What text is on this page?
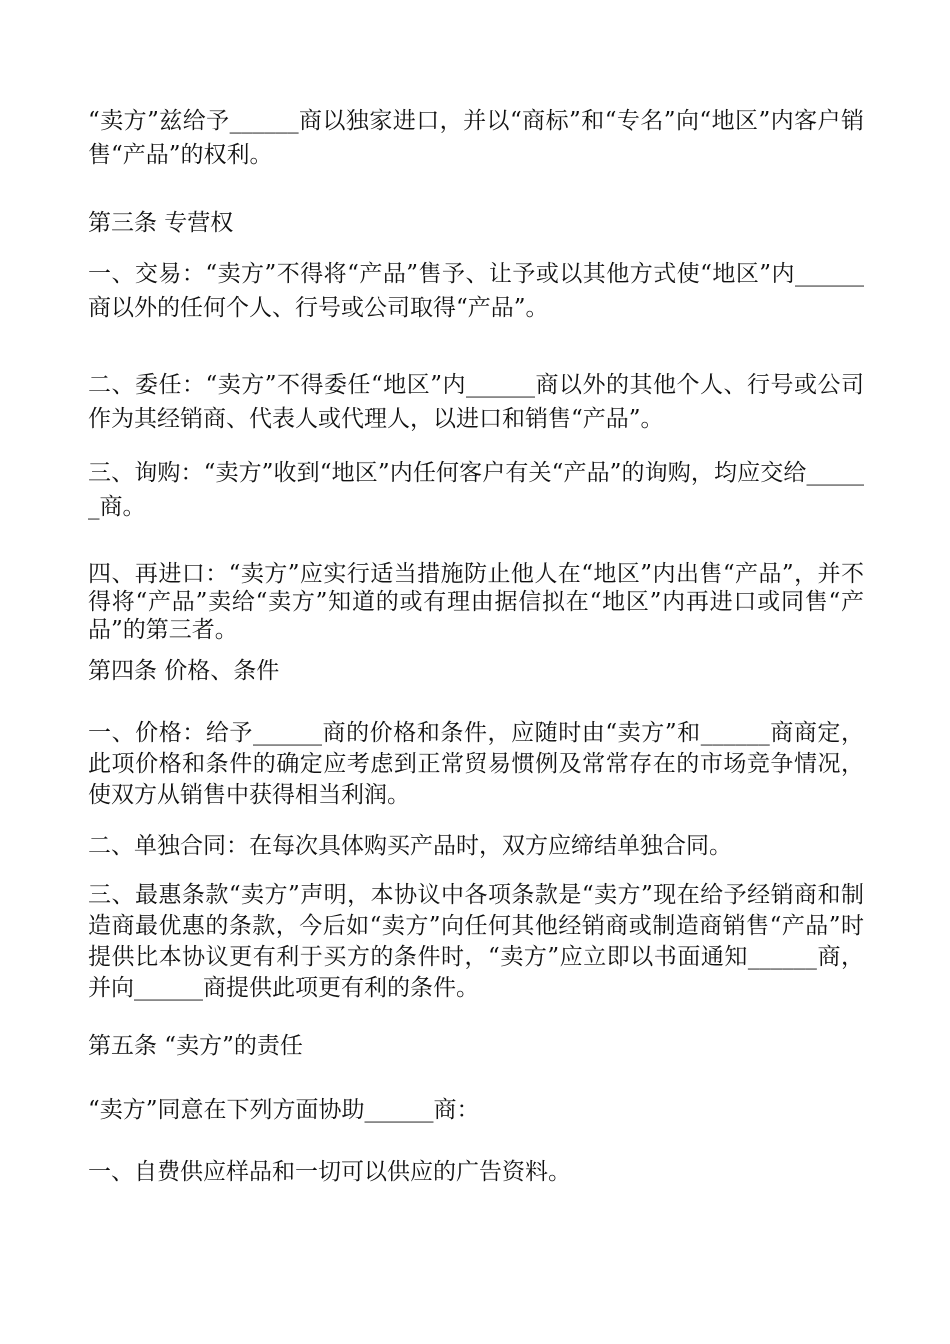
“卖方”兹给予______商以独家进口，并以“商标”和“专名”向“地区”内客户销售“产品”的权利。

第三条 专营权

一、交易：“卖方”不得将“产品”售予、让予或以其他方式使“地区”内______商以外的任何个人、行号或公司取得“产品”。

二、委任：“卖方”不得委任“地区”内______商以外的其他个人、行号或公司作为其经销商、代表人或代理人，以进口和销售“产品”。

三、询购：“卖方”收到“地区”内任何客户有关“产品”的询购，均应交给______商。

四、再进口：“卖方”应实行适当措施防止他人在“地区”内出售“产品”，并不得将“产品”卖给“卖方”知道的或有理由据信拟在“地区”内再进口或同售“产品”的第三者。

第四条 价格、条件

一、价格：给予______商的价格和条件，应随时由“卖方”和______商商定，此项价格和条件的确定应考虑到正常贸易惯例及常常存在的市场竞争情况，使双方从销售中获得相当利润。

二、单独合同：在每次具体购买产品时，双方应缔结单独合同。

三、最惠条款“卖方”声明，本协议中各项条款是“卖方”现在给予经销商和制造商最优惠的条款，今后如“卖方”向任何其他经销商或制造商销售“产品”时提供比本协议更有利于买方的条件时，“卖方”应立即以书面通知______商，并向______商提供此项更有利的条件。

第五条 “卖方”的责任

“卖方”同意在下列方面协助______商：

一、自费供应样品和一切可以供应的广告资料。
